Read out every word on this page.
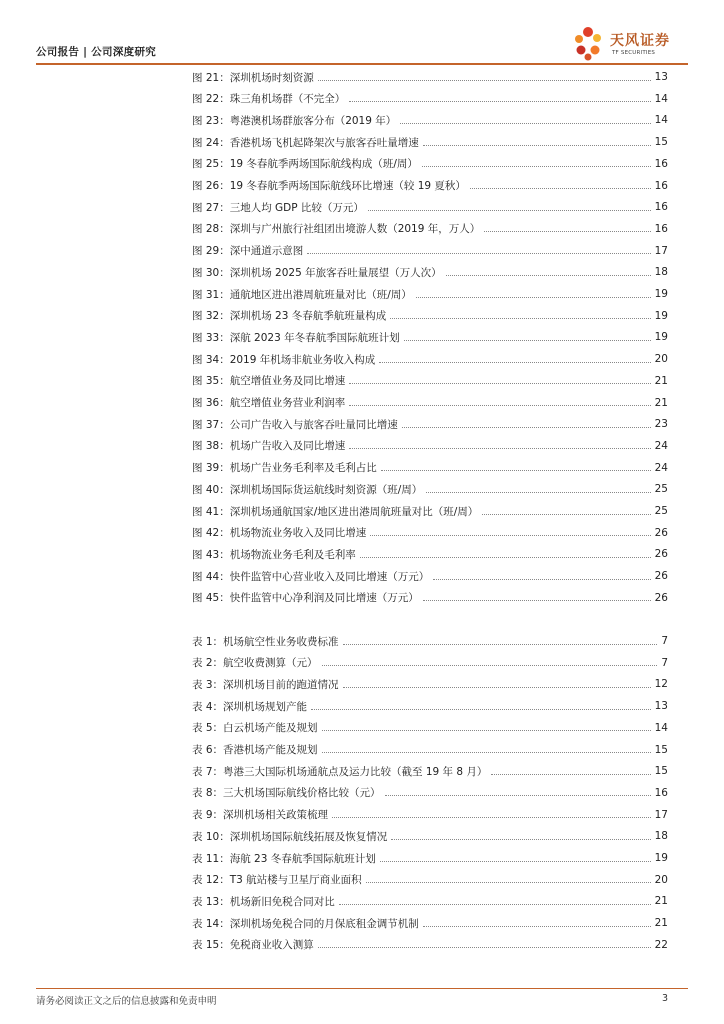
公司报告 | 公司深度研究
天风证券
TF SECURITIES
图 21：深圳机场时刻资源	13
图 22：珠三角机场群（不完全）	14
图 23：粤港澳机场群旅客分布（2019 年）	14
图 24：香港机场飞机起降架次与旅客吞吐量增速	15
图 25：19 冬春航季两场国际航线构成（班/周）	16
图 26：19 冬春航季两场国际航线环比增速（较 19 夏秋）	16
图 27：三地人均 GDP 比较（万元）	16
图 28：深圳与广州旅行社组团出境游人数（2019 年，万人）	16
图 29：深中通道示意图	17
图 30：深圳机场 2025 年旅客吞吐量展望（万人次）	18
图 31：通航地区进出港周航班量对比（班/周）	19
图 32：深圳机场 23 冬春航季航班量构成	19
图 33：深航 2023 年冬春航季国际航班计划	19
图 34：2019 年机场非航业务收入构成	20
图 35：航空增值业务及同比增速	21
图 36：航空增值业务营业利润率	21
图 37：公司广告收入与旅客吞吐量同比增速	23
图 38：机场广告收入及同比增速	24
图 39：机场广告业务毛利率及毛利占比	24
图 40：深圳机场国际货运航线时刻资源（班/周）	25
图 41：深圳机场通航国家/地区进出港周航班量对比（班/周）	25
图 42：机场物流业务收入及同比增速	26
图 43：机场物流业务毛利及毛利率	26
图 44：快件监管中心营业收入及同比增速（万元）	26
图 45：快件监管中心净利润及同比增速（万元）	26
表 1：机场航空性业务收费标准	7
表 2：航空收费测算（元）	7
表 3：深圳机场目前的跑道情况	12
表 4：深圳机场规划产能	13
表 5：白云机场产能及规划	14
表 6：香港机场产能及规划	15
表 7：粤港三大国际机场通航点及运力比较（截至 19 年 8 月）	15
表 8：三大机场国际航线价格比较（元）	16
表 9：深圳机场相关政策梳理	17
表 10：深圳机场国际航线拓展及恢复情况	18
表 11：海航 23 冬春航季国际航班计划	19
表 12：T3 航站楼与卫星厅商业面积	20
表 13：机场新旧免税合同对比	21
表 14：深圳机场免税合同的月保底租金调节机制	21
表 15：免税商业收入测算	22
请务必阅读正文之后的信息披露和免责申明	3
